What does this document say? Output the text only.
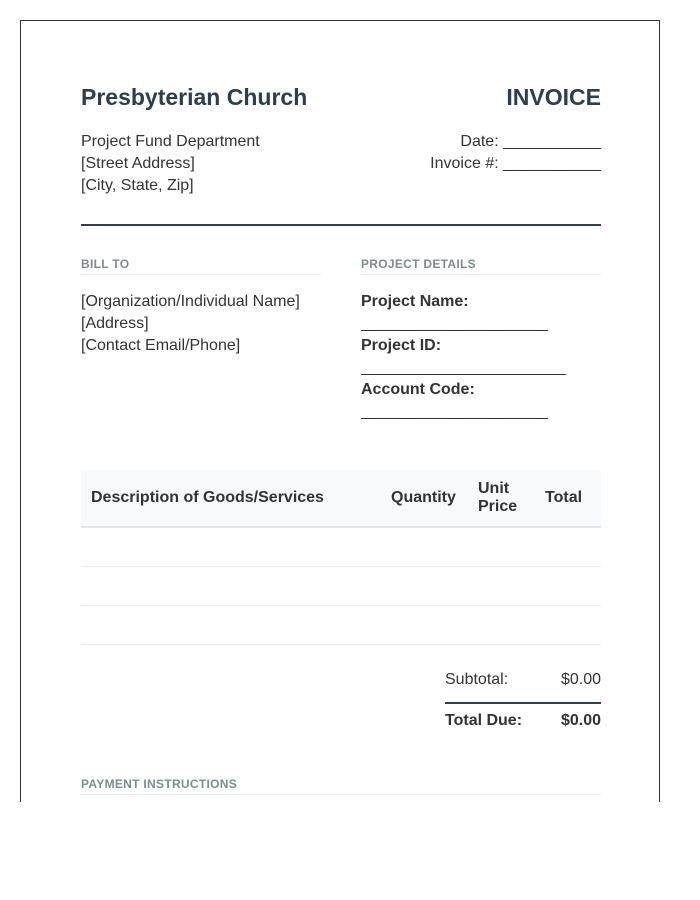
Presbyterian Church	INVOICE
Project Fund Department
[Street Address]
[City, State, Zip]
Date: ___________
Invoice #: ___________
BILL TO
[Organization/Individual Name]
[Address]
[Contact Email/Phone]
PROJECT DETAILS
Project Name:
_____________________
Project ID:
_______________________
Account Code:
_____________________
Description of Goods/Services	Quantity	Unit Price	Total

Subtotal:	$0.00
Total Due: $0.00
PAYMENT INSTRUCTIONS
